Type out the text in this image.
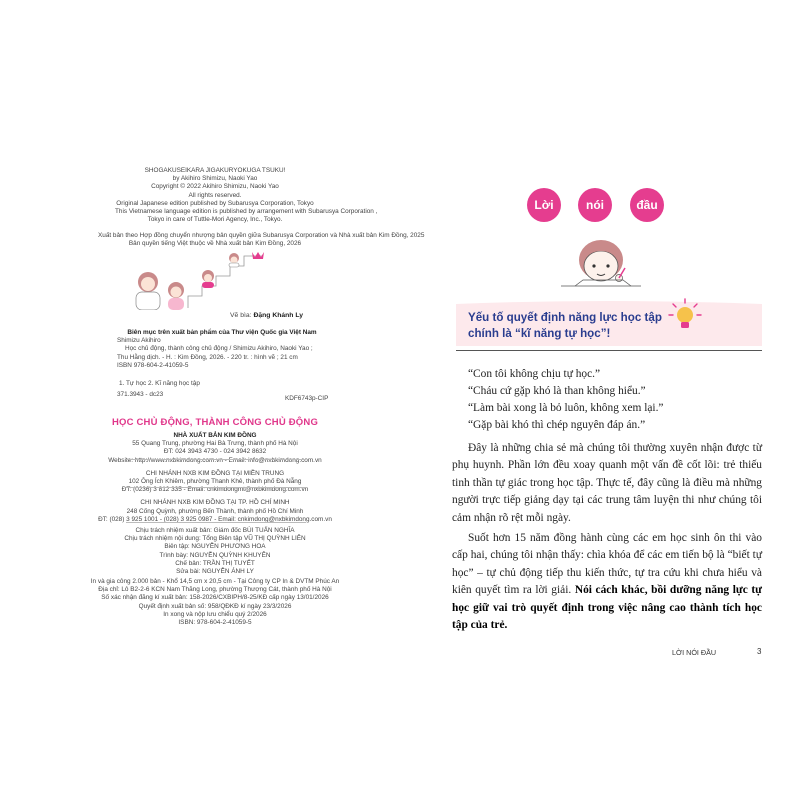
SHOGAKUSEIKARA JIGAKURYOKUGA TSUKU!
by Akihiro Shimizu, Naoki Yao
Copyright © 2022 Akihiro Shimizu, Naoki Yao
All rights reserved.
Original Japanese edition published by Subarusya Corporation, Tokyo
This Vietnamese language edition is published by arrangement with Subarusya Corporation ,
Tokyo in care of Tuttle-Mori Agency, Inc., Tokyo.
Xuất bản theo Hợp đồng chuyển nhượng bản quyền giữa Subarusya Corporation và Nhà xuất bản Kim Đồng, 2025
Bản quyền tiếng Việt thuộc về Nhà xuất bản Kim Đồng, 2026
Vẽ bìa: Đặng Khánh Ly
Biên mục trên xuất bản phẩm của Thư viện Quốc gia Việt Nam
Shimizu Akihiro
Học chủ động, thành công chủ động / Shimizu Akihiro, Naoki Yao ;
Thu Hằng dịch. - H. : Kim Đồng, 2026. - 220 tr. : hình vẽ ; 21 cm
ISBN 978-604-2-41059-5
1. Tự học 2. Kĩ năng học tập
371.3943 - dc23
KDF6743p-CIP
HỌC CHỦ ĐỘNG, THÀNH CÔNG CHỦ ĐỘNG
NHÀ XUẤT BẢN KIM ĐỒNG
55 Quang Trung, phường Hai Bà Trưng, thành phố Hà Nội
ĐT: 024 3943 4730 - 024 3942 8632
Website: http://www.nxbkimdong.com.vn - Email: info@nxbkimdong.com.vn
CHI NHÁNH NXB KIM ĐỒNG TẠI MIỀN TRUNG
102 Ông Ích Khiêm, phường Thanh Khê, thành phố Đà Nẵng
ĐT: (0236) 3 812 335 - Email: cnkimdongmt@nxbkimdong.com.vn
CHI NHÁNH NXB KIM ĐỒNG TẠI TP. HỒ CHÍ MINH
248 Cống Quỳnh, phường Bến Thành, thành phố Hồ Chí Minh
ĐT: (028) 3 925 1001 - (028) 3 925 0987 - Email: cnkimdong@nxbkimdong.com.vn
Chịu trách nhiệm xuất bản: Giám đốc BÙI TUẤN NGHĨA
Chịu trách nhiệm nội dung: Tổng Biên tập VŨ THỊ QUỲNH LIÊN
Biên tập: NGUYỄN PHƯƠNG HOA
Trình bày: NGUYỄN QUỲNH KHUYÊN
Chế bản: TRẦN THỊ TUYẾT
Sửa bài: NGUYỄN ÁNH LY
In và gia công 2.000 bản - Khổ 14,5 cm x 20,5 cm - Tại Công ty CP In & DVTM Phúc An
Địa chỉ: Lô B2-2-6 KCN Nam Thăng Long, phường Thượng Cát, thành phố Hà Nội
Số xác nhận đăng kí xuất bản: 158-2026/CXBIPH/8-25/KĐ cấp ngày 13/01/2026
Quyết định xuất bản số: 958/QĐKĐ kí ngày 23/3/2026
In xong và nộp lưu chiểu quý 2/2026
ISBN: 978-604-2-41059-5
Lời	nói	đầu
Yếu tố quyết định năng lực học tập
chính là “kĩ năng tự học”!
“Con tôi không chịu tự học.”
“Cháu cứ gặp khó là than không hiểu.”
“Làm bài xong là bỏ luôn, không xem lại.”
“Gặp bài khó thì chép nguyên đáp án.”

Đây là những chia sẻ mà chúng tôi thường xuyên nhận được từ phụ huynh. Phần lớn đều xoay quanh một vấn đề cốt lõi: trẻ thiếu tinh thần tự giác trong học tập. Thực tế, đây cũng là điều mà những người trực tiếp giảng dạy tại các trung tâm luyện thi như chúng tôi cảm nhận rõ rệt mỗi ngày.

Suốt hơn 15 năm đồng hành cùng các em học sinh ôn thi vào cấp hai, chúng tôi nhận thấy: chìa khóa để các em tiến bộ là “biết tự học” – tự chủ động tiếp thu kiến thức, tự tra cứu khi chưa hiểu và kiên quyết tìm ra lời giải. Nói cách khác, bồi dưỡng năng lực tự học giữ vai trò quyết định trong việc nâng cao thành tích học tập của trẻ.

LỜI NÓI ĐẦU	3
